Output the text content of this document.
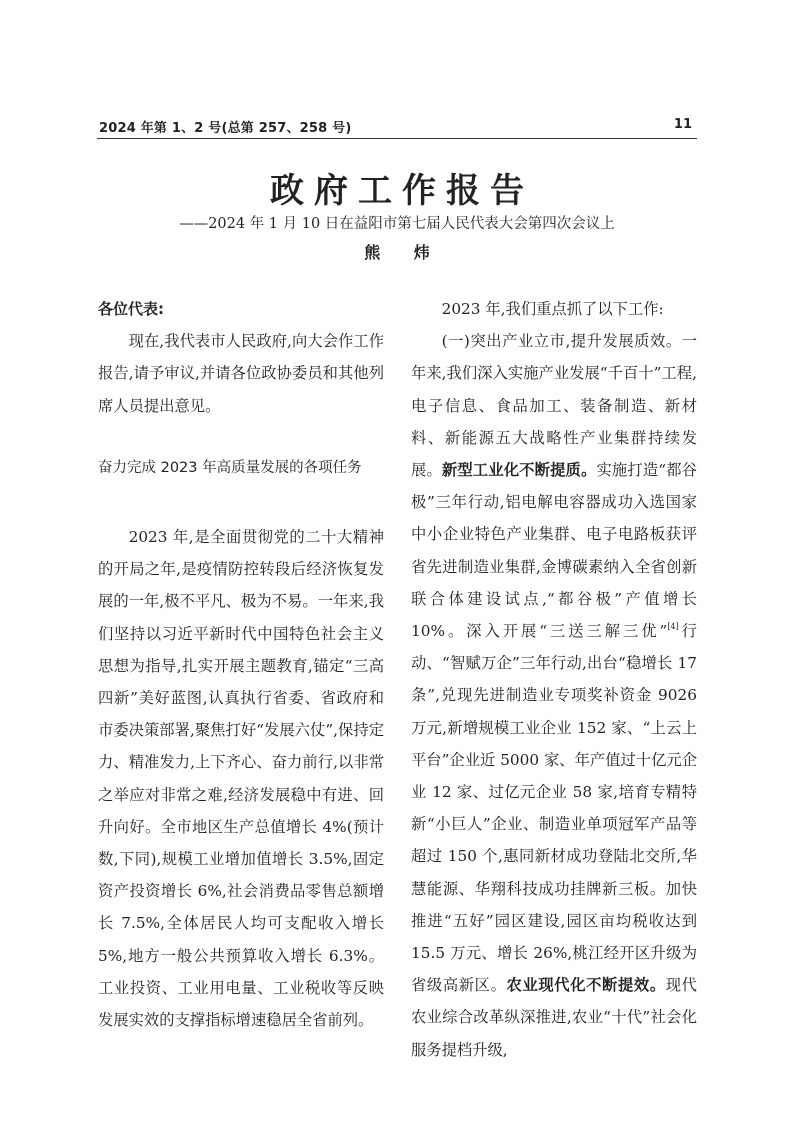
2024 年第 1、2 号(总第 257、258 号)	11
政府工作报告
——2024 年 1 月 10 日在益阳市第七届人民代表大会第四次会议上
熊 炜

各位代表:

现在,我代表市人民政府,向大会作工作报告,请予审议,并请各位政协委员和其他列席人员提出意见。

奋力完成 2023 年高质量发展的各项任务

2023 年,是全面贯彻党的二十大精神的开局之年,是疫情防控转段后经济恢复发展的一年,极不平凡、极为不易。一年来,我们坚持以习近平新时代中国特色社会主义思想为指导,扎实开展主题教育,锚定“三高四新”美好蓝图,认真执行省委、省政府和市委决策部署,聚焦打好“发展六仗”,保持定力、精准发力,上下齐心、奋力前行,以非常之举应对非常之难,经济发展稳中有进、回升向好。全市地区生产总值增长 4%(预计数,下同),规模工业增加值增长 3.5%,固定资产投资增长 6%,社会消费品零售总额增长 7.5%,全体居民人均可支配收入增长 5%,地方一般公共预算收入增长 6.3%。工业投资、工业用电量、工业税收等反映发展实效的支撑指标增速稳居全省前列。

2023 年,我们重点抓了以下工作:

(一)突出产业立市,提升发展质效。一年来,我们深入实施产业发展“千百十”工程,电子信息、食品加工、装备制造、新材料、新能源五大战略性产业集群持续发展。新型工业化不断提质。实施打造“都谷极”三年行动,铝电解电容器成功入选国家中小企业特色产业集群、电子电路板获评省先进制造业集群,金博碳素纳入全省创新联合体建设试点,“都谷极”产值增长 10%。深入开展“三送三解三优”[4]行动、“智赋万企”三年行动,出台“稳增长 17 条”,兑现先进制造业专项奖补资金 9026 万元,新增规模工业企业 152 家、“上云上平台”企业近 5000 家、年产值过十亿元企业 12 家、过亿元企业 58 家,培育专精特新“小巨人”企业、制造业单项冠军产品等超过 150 个,惠同新材成功登陆北交所,华慧能源、华翔科技成功挂牌新三板。加快推进“五好”园区建设,园区亩均税收达到 15.5 万元、增长 26%,桃江经开区升级为省级高新区。农业现代化不断提效。现代农业综合改革纵深推进,农业“十代”社会化服务提档升级,
